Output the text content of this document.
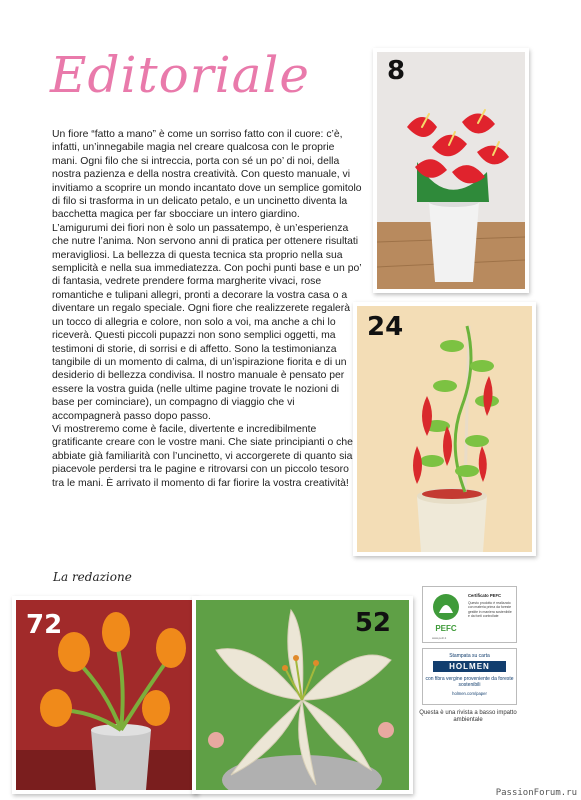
Editoriale

Un fiore “fatto a mano” è come un sorriso fatto con il cuore: c’è, infatti, un’innegabile magia nel creare qualcosa con le proprie mani. Ogni filo che si intreccia, porta con sé un po’ di noi, della nostra pazienza e della nostra creatività. Con questo manuale, vi invitiamo a scoprire un mondo incantato dove un semplice gomitolo di filo si trasforma in un delicato petalo, e un uncinetto diventa la bacchetta magica per far sbocciare un intero giardino.

L’amigurumi dei fiori non è solo un passatempo, è un’esperienza che nutre l’anima. Non servono anni di pratica per ottenere risultati meravigliosi. La bellezza di questa tecnica sta proprio nella sua semplicità e nella sua immediatezza. Con pochi punti base e un po’ di fantasia, vedrete prendere forma margherite vivaci, rose romantiche e tulipani allegri, pronti a decorare la vostra casa o a diventare un regalo speciale. Ogni fiore che realizzerete regalerà un tocco di allegria e colore, non solo a voi, ma anche a chi lo riceverà. Questi piccoli pupazzi non sono semplici oggetti, ma testimoni di storie, di sorrisi e di affetto. Sono la testimonianza tangibile di un momento di calma, di un’ispirazione fiorita e di un desiderio di bellezza condivisa. Il nostro manuale è pensato per essere la vostra guida (nelle ultime pagine trovate le nozioni di base per cominciare), un compagno di viaggio che vi accompagnerà passo dopo passo.

Vi mostreremo come è facile, divertente e incredibilmente gratificante creare con le vostre mani. Che siate principianti o che abbiate già familiarità con l’uncinetto, vi accorgerete di quanto sia piacevole perdersi tra le pagine e ritrovarsi con un piccolo tesoro tra le mani. È arrivato il momento di far fiorire la vostra creatività!

La redazione
8
24
72	52	PEFC
Certificato PEFC
Questo prodotto è realizzato con materia prima da foreste gestite in maniera sostenibile e da fonti controllate
www.pefc.it
Stampata su carta
HOLMEN
con fibra vergine proveniente da foreste sostenibili
holmen.com/paper
Questa è una rivista a basso impatto ambientale
PassionForum.ru
